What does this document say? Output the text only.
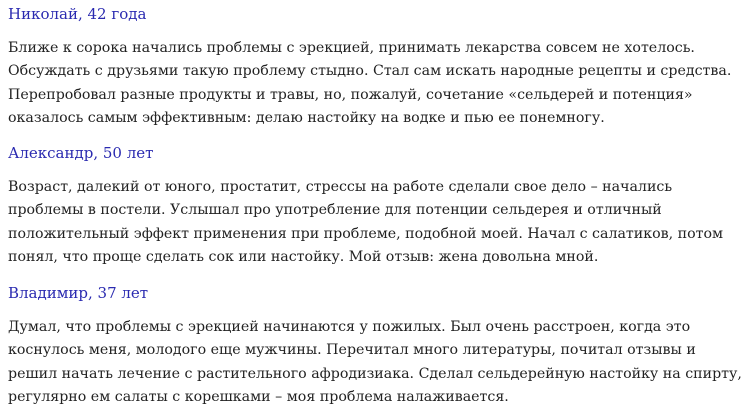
Николай, 42 года

Ближе к сорока начались проблемы с эрекцией, принимать лекарства совсем не хотелось. Обсуждать с друзьями такую проблему стыдно. Стал сам искать народные рецепты и средства. Перепробовал разные продукты и травы, но, пожалуй, сочетание «сельдерей и потенция» оказалось самым эффективным: делаю настойку на водке и пью ее понемногу.

Александр, 50 лет

Возраст, далекий от юного, простатит, стрессы на работе сделали свое дело – начались проблемы в постели. Услышал про употребление для потенции сельдерея и отличный положительный эффект применения при проблеме, подобной моей. Начал с салатиков, потом понял, что проще сделать сок или настойку. Мой отзыв: жена довольна мной.

Владимир, 37 лет

Думал, что проблемы с эрекцией начинаются у пожилых. Был очень расстроен, когда это коснулось меня, молодого еще мужчины. Перечитал много литературы, почитал отзывы и решил начать лечение с растительного афродизиака. Сделал сельдерейную настойку на спирту, регулярно ем салаты с корешками – моя проблема налаживается.
